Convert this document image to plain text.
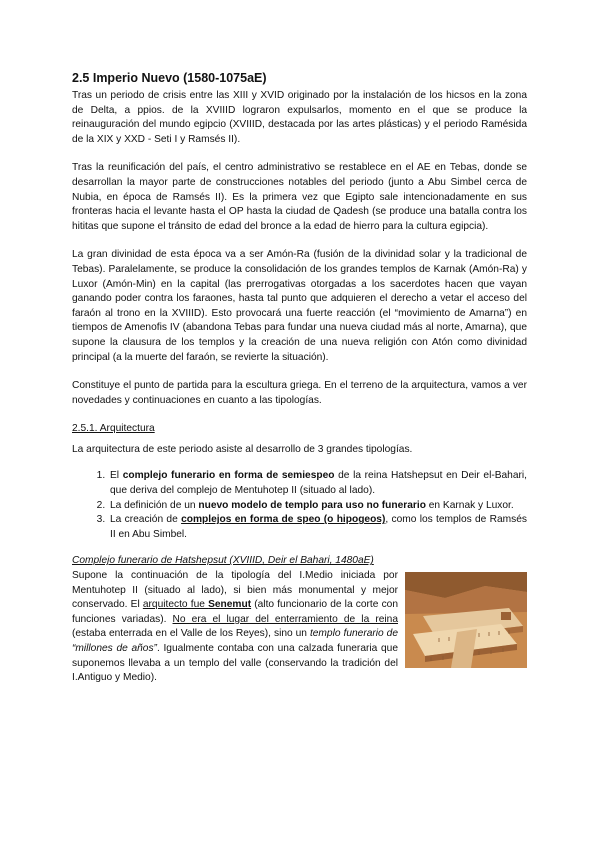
2.5 Imperio Nuevo (1580-1075aE)

Tras un periodo de crisis entre las XIII y XVID originado por la instalación de los hicsos en la zona de Delta, a ppios. de la XVIIID lograron expulsarlos, momento en el que se produce la reinauguración del mundo egipcio (XVIIID, destacada por las artes plásticas) y el periodo Ramésida de la XIX y XXD - Seti I y Ramsés II).

Tras la reunificación del país, el centro administrativo se restablece en el AE en Tebas, donde se desarrollan la mayor parte de construcciones notables del periodo (junto a Abu Simbel cerca de Nubia, en época de Ramsés II). Es la primera vez que Egipto sale intencionadamente en sus fronteras hacia el levante hasta el OP hasta la ciudad de Qadesh (se produce una batalla contra los hititas que supone el tránsito de edad del bronce a la edad de hierro para la cultura egipcia).

La gran divinidad de esta época va a ser Amón-Ra (fusión de la divinidad solar y la tradicional de Tebas). Paralelamente, se produce la consolidación de los grandes templos de Karnak (Amón-Ra) y Luxor (Amón-Min) en la capital (las prerrogativas otorgadas a los sacerdotes hacen que vayan ganando poder contra los faraones, hasta tal punto que adquieren el derecho a vetar el acceso del faraón al trono en la XVIIID). Esto provocará una fuerte reacción (el “movimiento de Amarna”) en tiempos de Amenofis IV (abandona Tebas para fundar una nueva ciudad más al norte, Amarna), que supone la clausura de los templos y la creación de una nueva religión con Atón como divinidad principal (a la muerte del faraón, se revierte la situación).

Constituye el punto de partida para la escultura griega. En el terreno de la arquitectura, vamos a ver novedades y continuaciones en cuanto a las tipologías.

2.5.1. Arquitectura

La arquitectura de este periodo asiste al desarrollo de 3 grandes tipologías.

1. El complejo funerario en forma de semiespeo de la reina Hatshepsut en Deir el-Bahari, que deriva del complejo de Mentuhotep II (situado al lado).
2. La definición de un nuevo modelo de templo para uso no funerario en Karnak y Luxor.
3. La creación de complejos en forma de speo (o hipogeos), como los templos de Ramsés II en Abu Simbel.

Complejo funerario de Hatshepsut (XVIIID, Deir el Bahari, 1480aE)

Supone la continuación de la tipología del I.Medio iniciada por Mentuhotep II (situado al lado), si bien más monumental y mejor conservado. El arquitecto fue Senemut (alto funcionario de la corte con funciones variadas). No era el lugar del enterramiento de la reina (estaba enterrada en el Valle de los Reyes), sino un templo funerario de “millones de años”. Igualmente contaba con una calzada funeraria que suponemos llevaba a un templo del valle (conservando la tradición del I.Antiguo y Medio).
